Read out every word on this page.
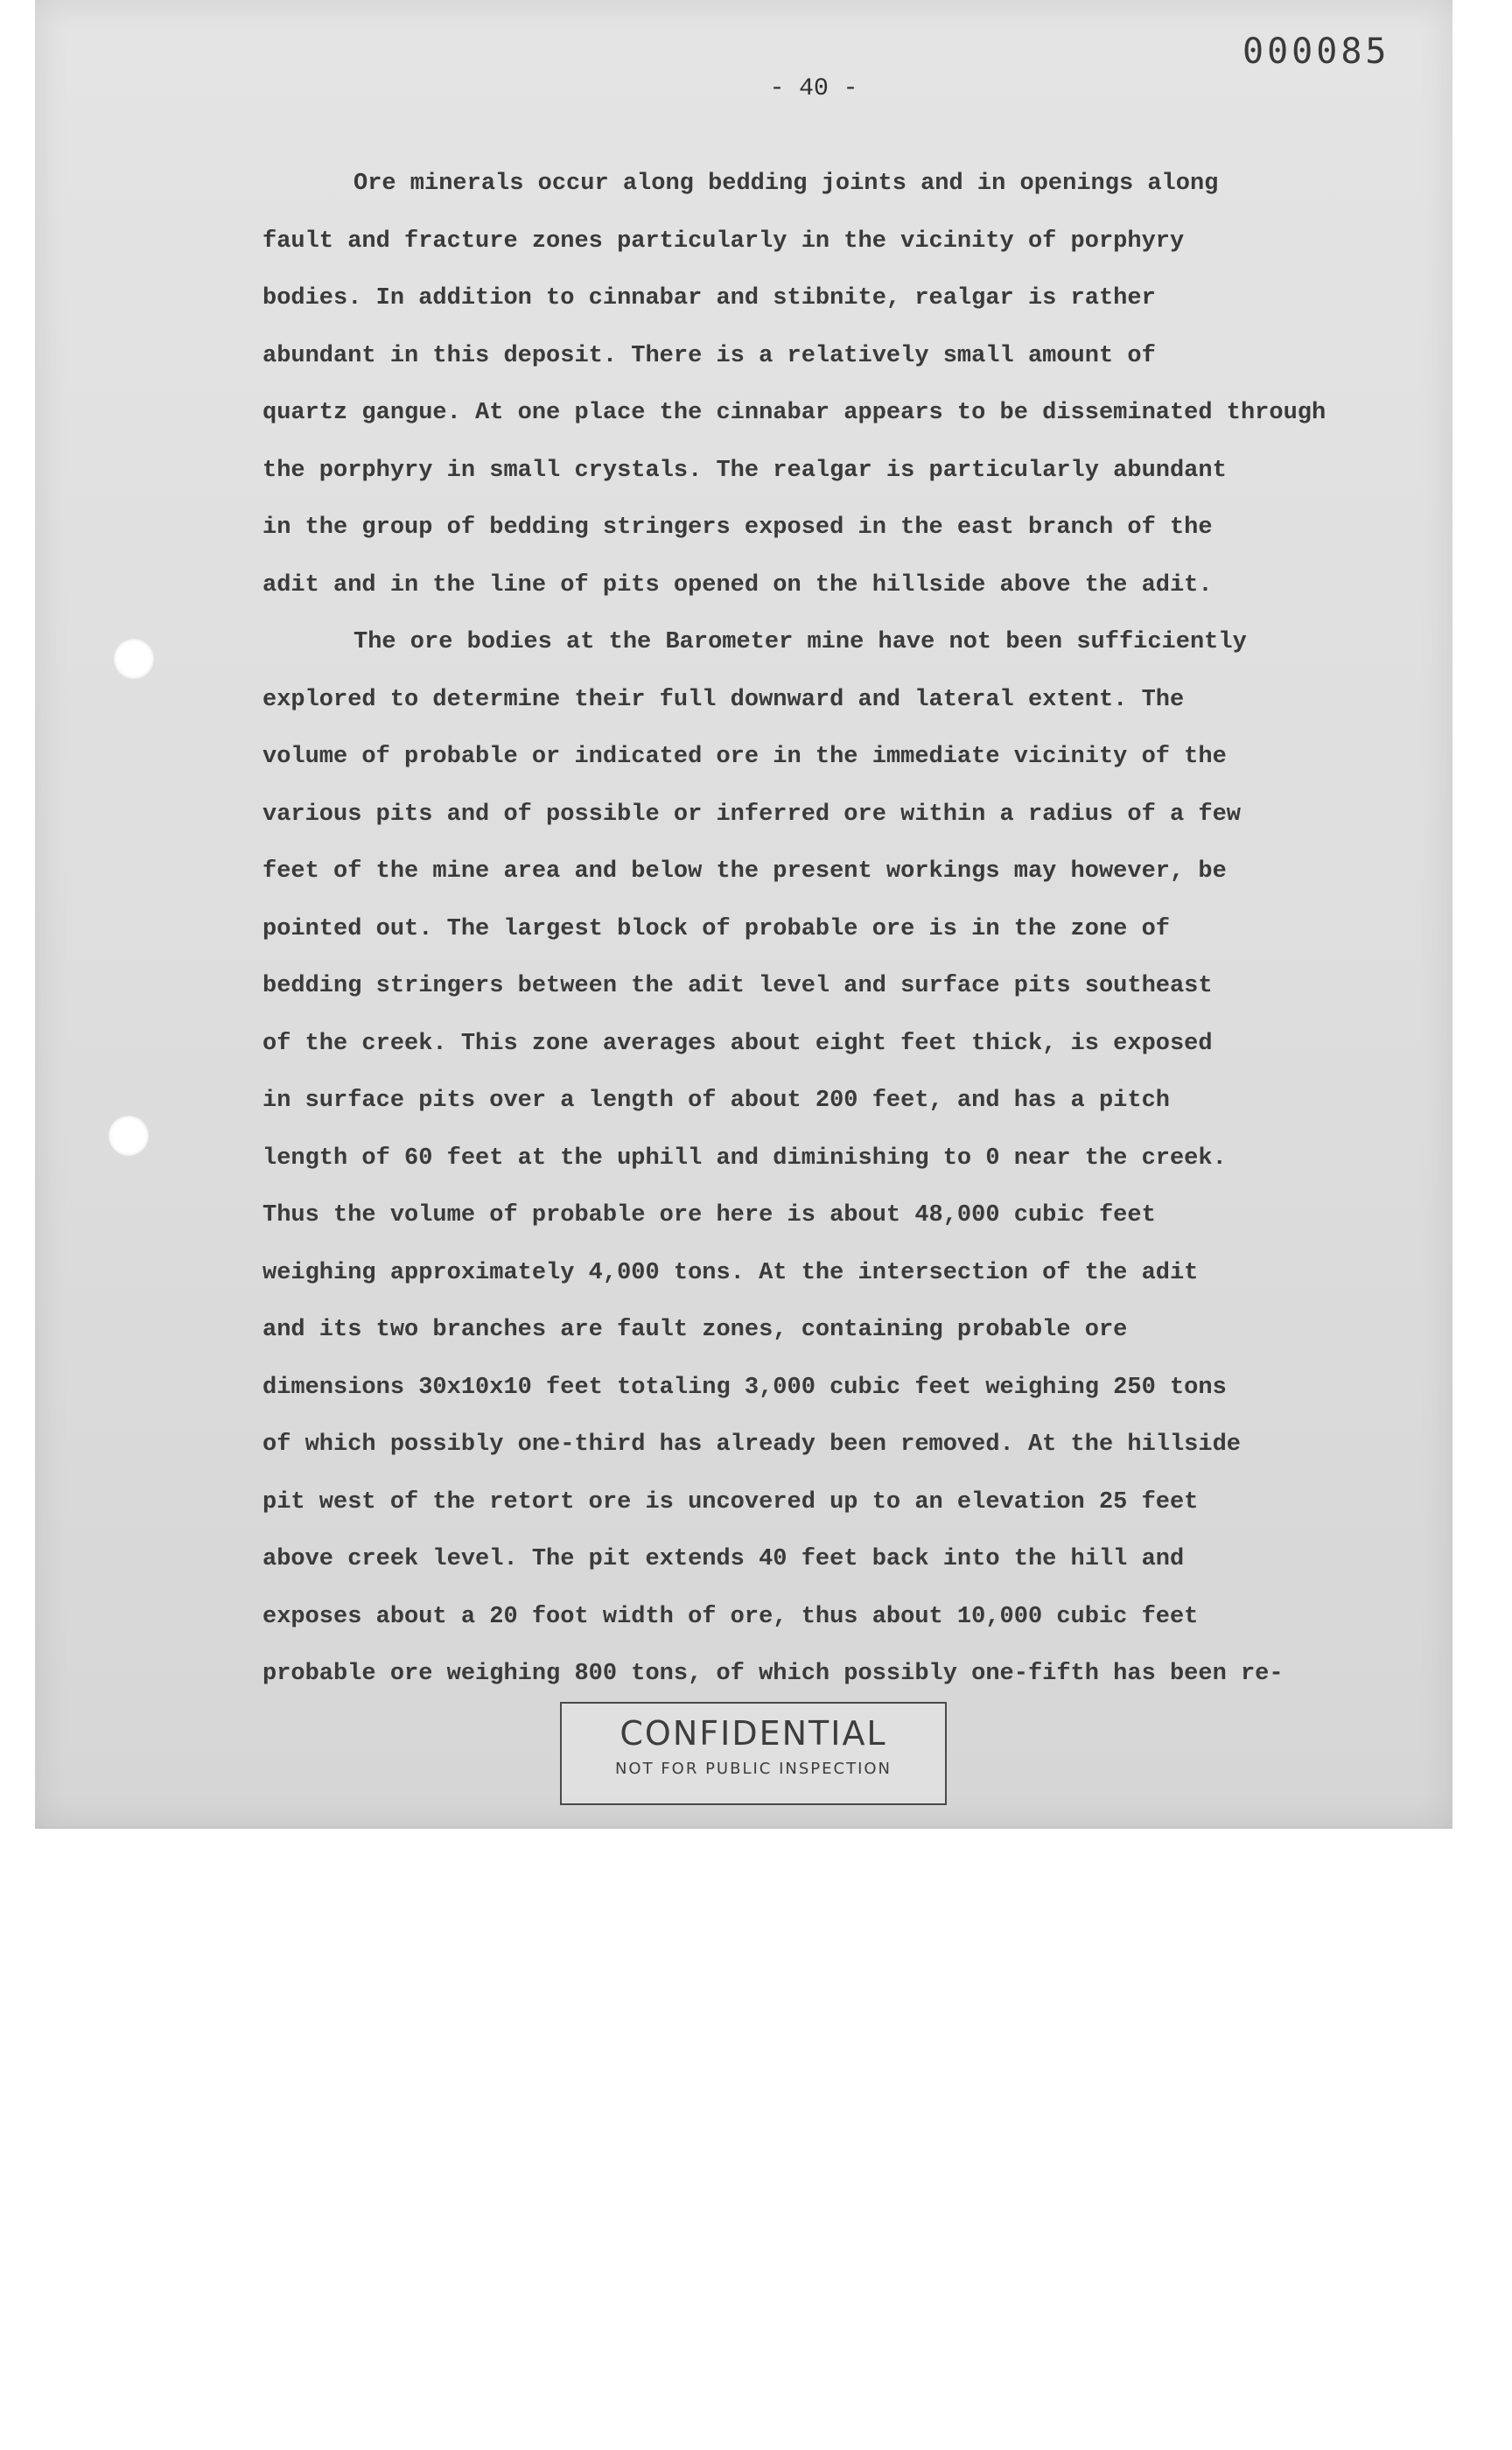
000085
- 40 -
Ore minerals occur along bedding joints and in openings along
fault and fracture zones particularly in the vicinity of porphyry
bodies. In addition to cinnabar and stibnite, realgar is rather
abundant in this deposit. There is a relatively small amount of
quartz gangue. At one place the cinnabar appears to be disseminated through
the porphyry in small crystals. The realgar is particularly abundant
in the group of bedding stringers exposed in the east branch of the
adit and in the line of pits opened on the hillside above the adit.
The ore bodies at the Barometer mine have not been sufficiently
explored to determine their full downward and lateral extent. The
volume of probable or indicated ore in the immediate vicinity of the
various pits and of possible or inferred ore within a radius of a few
feet of the mine area and below the present workings may however, be
pointed out. The largest block of probable ore is in the zone of
bedding stringers between the adit level and surface pits southeast
of the creek. This zone averages about eight feet thick, is exposed
in surface pits over a length of about 200 feet, and has a pitch
length of 60 feet at the uphill and diminishing to 0 near the creek.
Thus the volume of probable ore here is about 48,000 cubic feet
weighing approximately 4,000 tons. At the intersection of the adit
and its two branches are fault zones, containing probable ore
dimensions 30x10x10 feet totaling 3,000 cubic feet weighing 250 tons
of which possibly one-third has already been removed. At the hillside
pit west of the retort ore is uncovered up to an elevation 25 feet
above creek level. The pit extends 40 feet back into the hill and
exposes about a 20 foot width of ore, thus about 10,000 cubic feet
probable ore weighing 800 tons, of which possibly one-fifth has been re-
CONFIDENTIAL
NOT FOR PUBLIC INSPECTION
